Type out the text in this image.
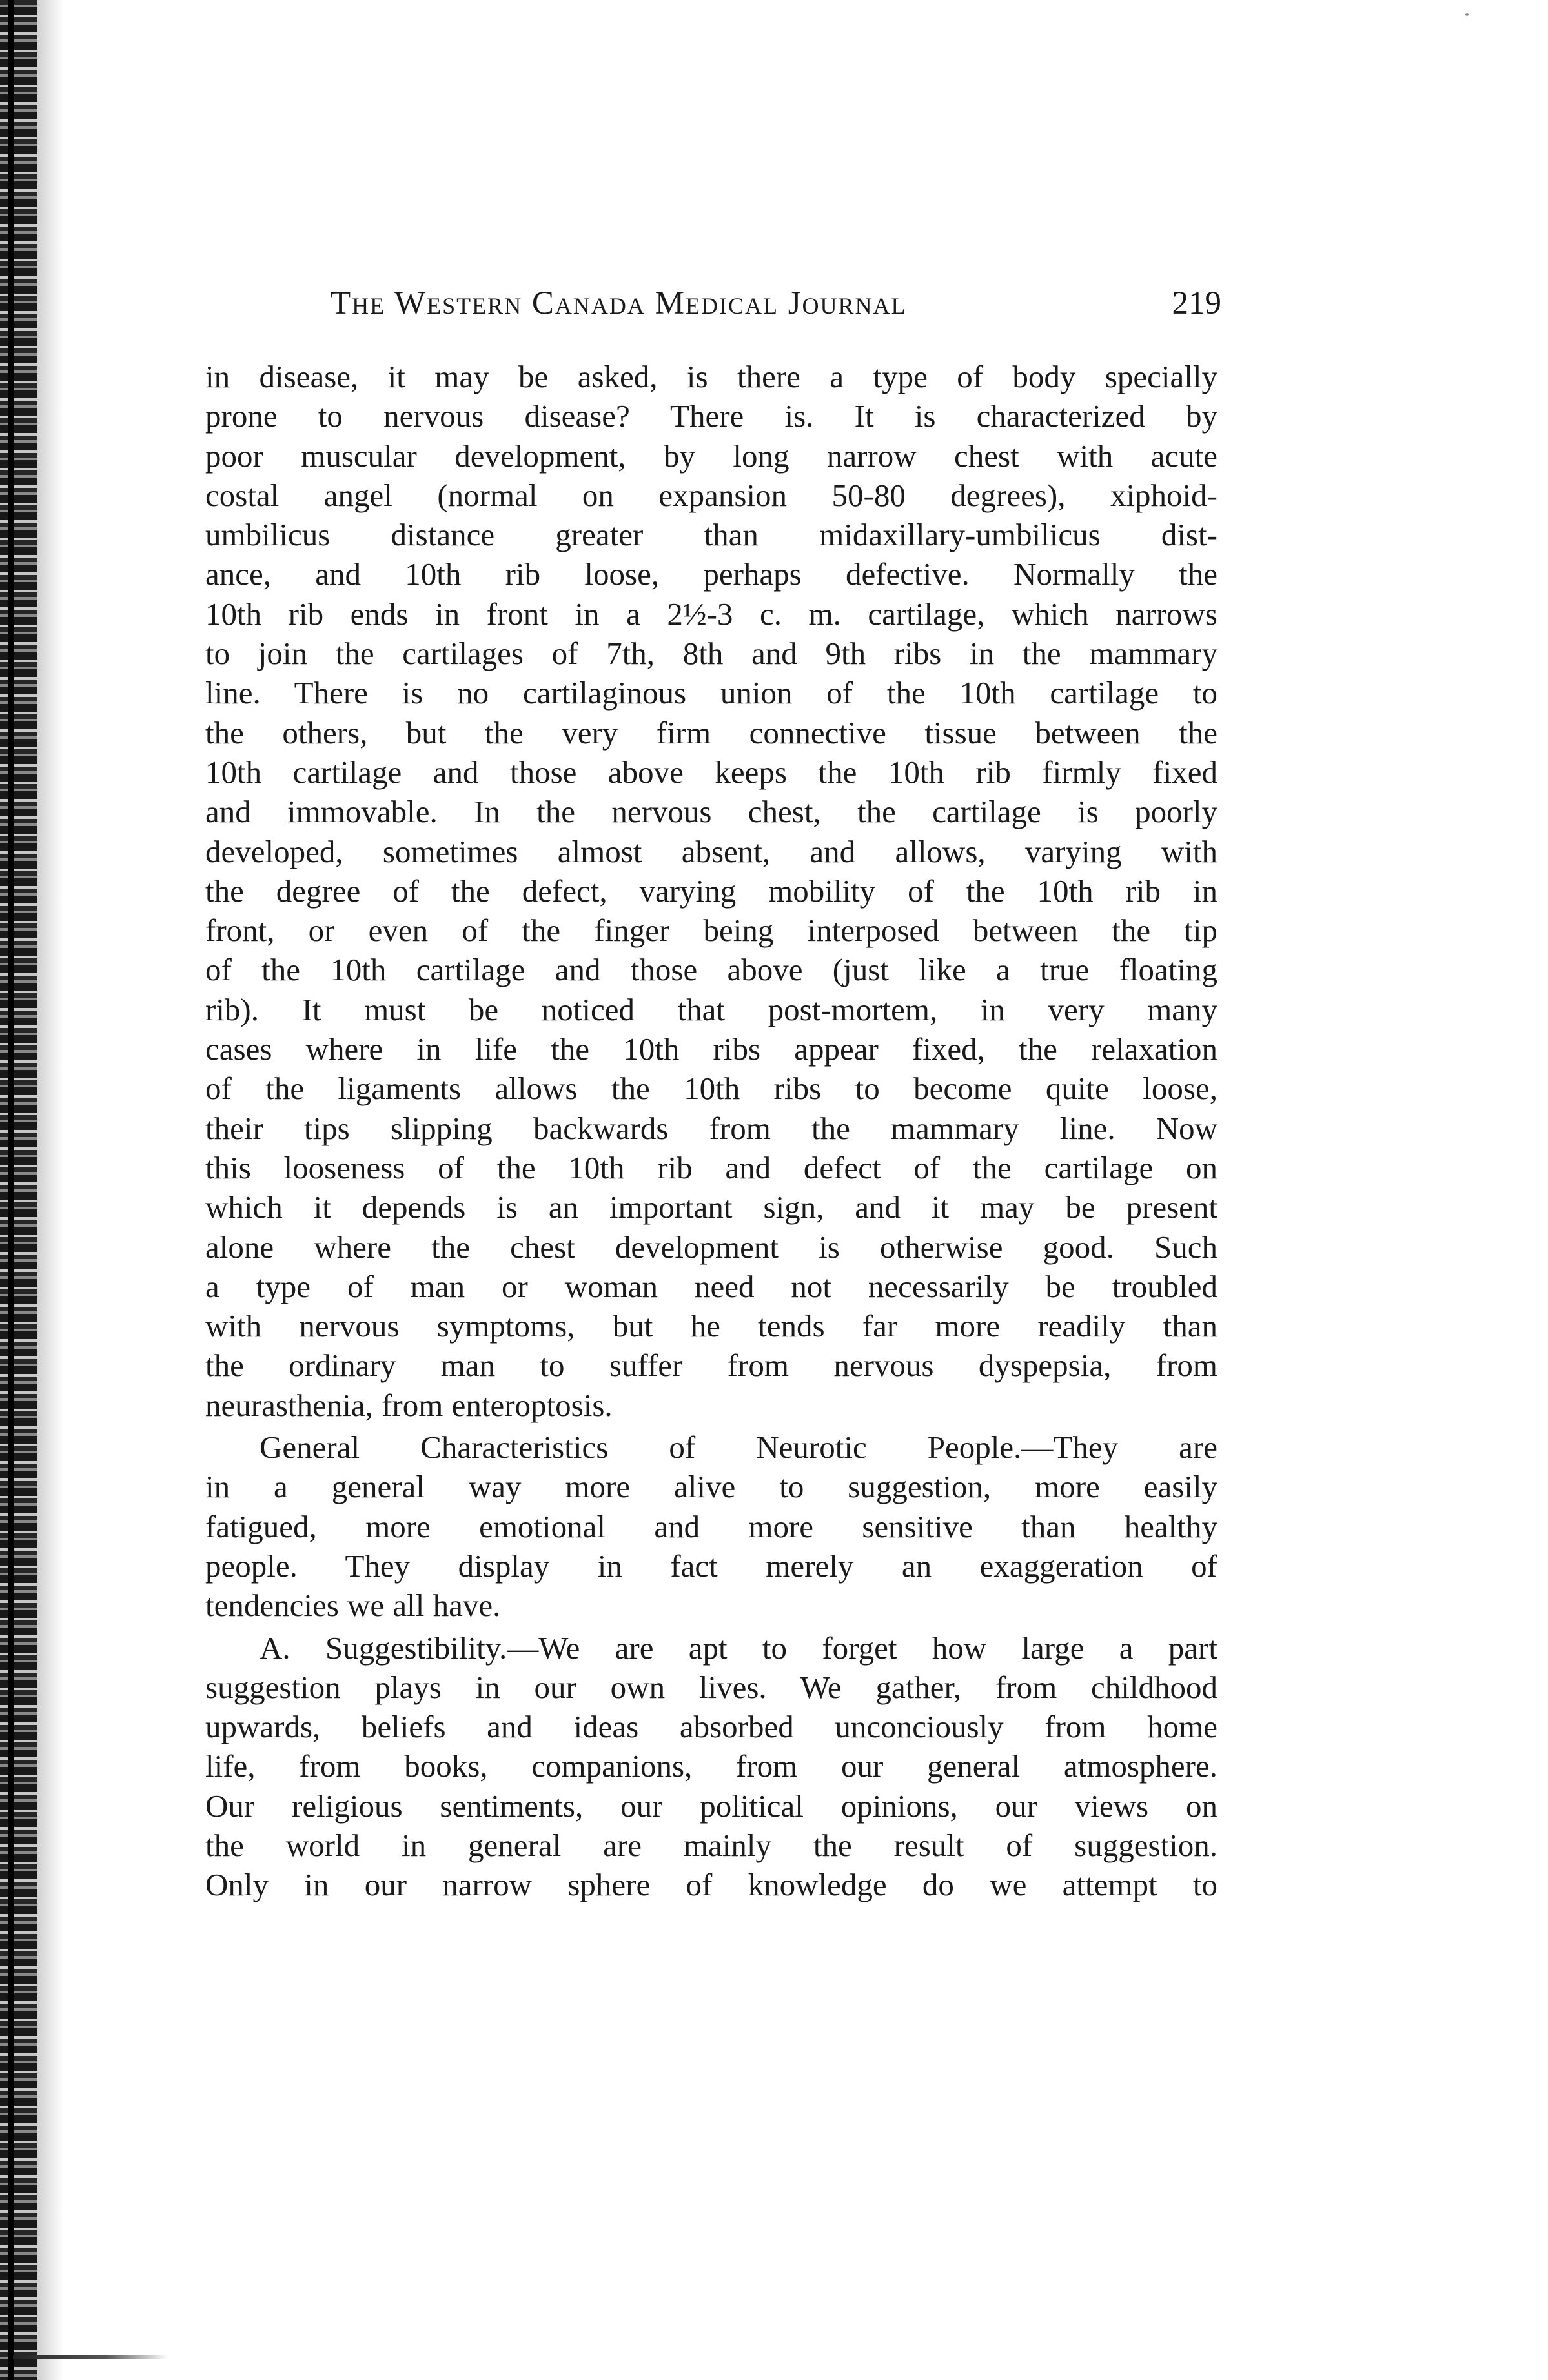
The Western Canada Medical Journal	219
in disease, it may be asked, is there a type of body specially
prone to nervous disease? There is. It is characterized by
poor muscular development, by long narrow chest with acute
costal angel (normal on expansion 50-80 degrees), xiphoid-
umbilicus distance greater than midaxillary-umbilicus dist-
ance, and 10th rib loose, perhaps defective. Normally the
10th rib ends in front in a 2½-3 c. m. cartilage, which narrows
to join the cartilages of 7th, 8th and 9th ribs in the mammary
line. There is no cartilaginous union of the 10th cartilage to
the others, but the very firm connective tissue between the
10th cartilage and those above keeps the 10th rib firmly fixed
and immovable. In the nervous chest, the cartilage is poorly
developed, sometimes almost absent, and allows, varying with
the degree of the defect, varying mobility of the 10th rib in
front, or even of the finger being interposed between the tip
of the 10th cartilage and those above (just like a true floating
rib). It must be noticed that post-mortem, in very many
cases where in life the 10th ribs appear fixed, the relaxation
of the ligaments allows the 10th ribs to become quite loose,
their tips slipping backwards from the mammary line. Now
this looseness of the 10th rib and defect of the cartilage on
which it depends is an important sign, and it may be present
alone where the chest development is otherwise good. Such
a type of man or woman need not necessarily be troubled
with nervous symptoms, but he tends far more readily than
the ordinary man to suffer from nervous dyspepsia, from
neurasthenia, from enteroptosis.
General Characteristics of Neurotic People.—They are
in a general way more alive to suggestion, more easily
fatigued, more emotional and more sensitive than healthy
people. They display in fact merely an exaggeration of
tendencies we all have.
A. Suggestibility.—We are apt to forget how large a part
suggestion plays in our own lives. We gather, from childhood
upwards, beliefs and ideas absorbed unconciously from home
life, from books, companions, from our general atmosphere.
Our religious sentiments, our political opinions, our views on
the world in general are mainly the result of suggestion.
Only in our narrow sphere of knowledge do we attempt to
